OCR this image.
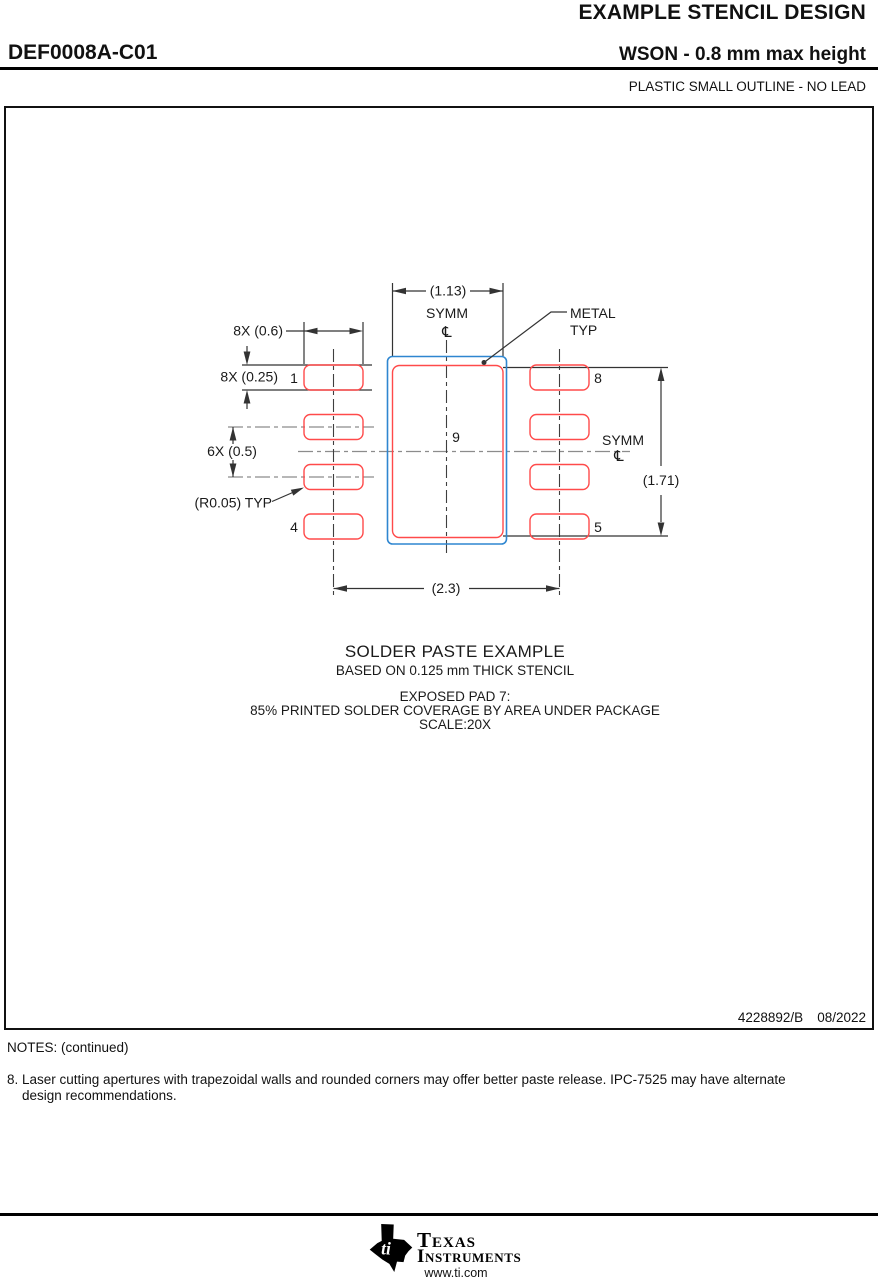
EXAMPLE STENCIL DESIGN
DEF0008A-C01	WSON - 0.8 mm max height
PLASTIC SMALL OUTLINE - NO LEAD
(1.13)
8X (0.6)
8X (0.25)
6X (0.5)
(R0.05) TYP
(2.3)
(1.71)
METAL
TYP
SYMM
℄
SYMM
℄
1	8
4	5
9
SOLDER PASTE EXAMPLE
BASED ON 0.125 mm THICK STENCIL
EXPOSED PAD 7:
85% PRINTED SOLDER COVERAGE BY AREA UNDER PACKAGE
SCALE:20X
4228892/B 08/2022
NOTES: (continued)
8. Laser cutting apertures with trapezoidal walls and rounded corners may offer better paste release. IPC-7525 may have alternate
design recommendations.
ti Texas
Instruments
www.ti.com
